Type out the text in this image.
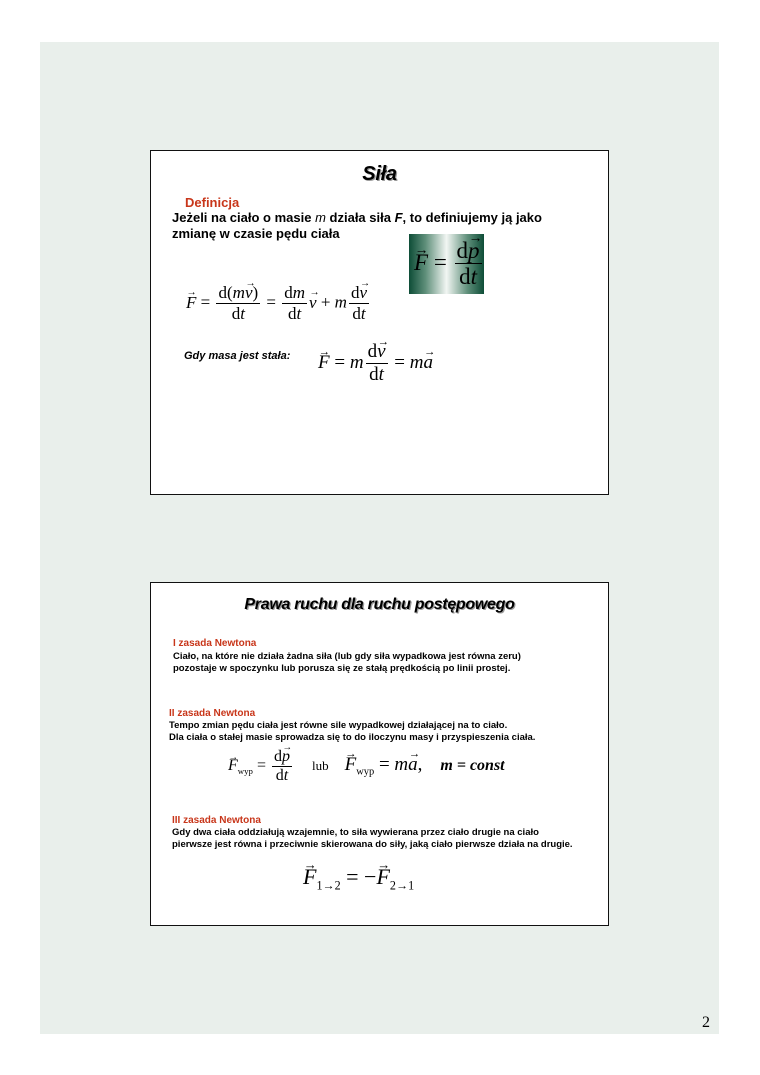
Siła
Definicja
Jeżeli na ciało o masie m działa siła F, to definiujemy ją jako
zmianę w czasie pędu ciała
→ $F = \frac{d\to p}{dt}$
→ $F = \frac{d(m\to v)}{dt} = \frac{dm}{dt}$
→ v + m $\frac{d\to v}{dt}$
Gdy masa jest stała:
→ F = m $\frac{d\to v}{dt} = m\to a$
Prawa ruchu dla ruchu postępowego
I zasada Newtona
Ciało, na które nie działa żadna siła (lub gdy siła wypadkowa jest równa zeru)
pozostaje w spoczynku lub porusza się ze stałą prędkością po linii prostej.
II zasada Newtona
Tempo zmian pędu ciała jest równe sile wypadkowej działającej na to ciało.
Dla ciała o stałej masie sprowadza się to do iloczynu masy i przyspieszenia ciała.
→ $F_{wyp} = \frac{d\to p}{dt}$ lub → $F_{wyp} = m\to a$, m = const
III zasada Newtona
Gdy dwa ciała oddziałują wzajemnie, to siła wywierana przez ciało drugie na ciało
pierwsze jest równa i przeciwnie skierowana do siły, jaką ciało pierwsze działa na drugie.
→ $F_{1\to 2}$ = −→ $F_{2\to 1}$
2
